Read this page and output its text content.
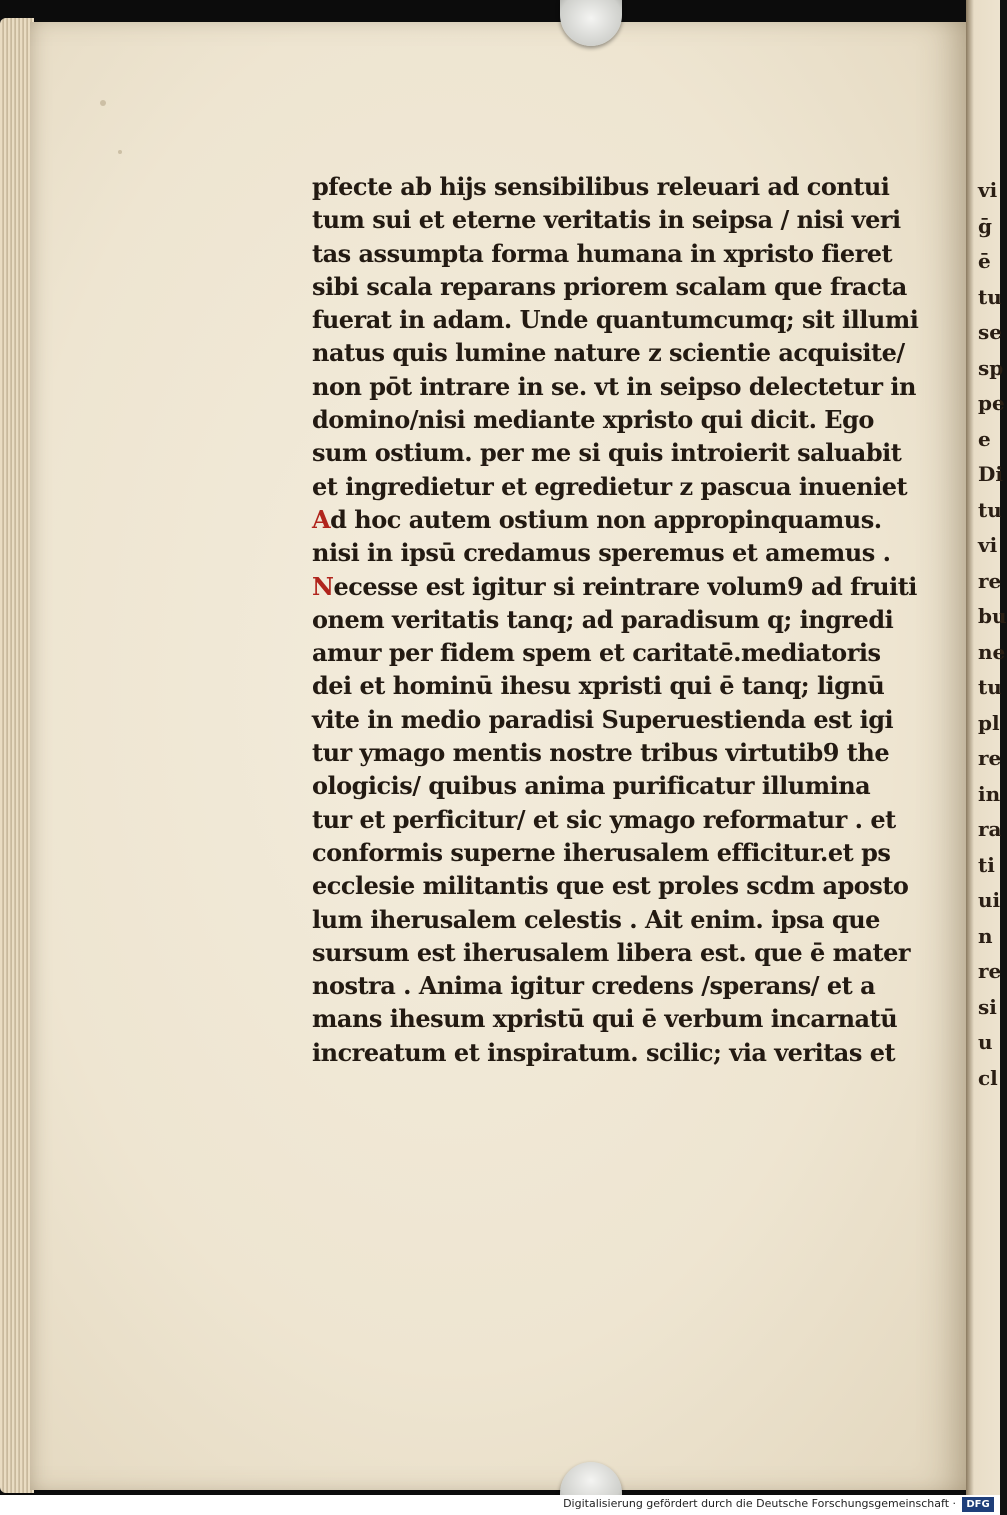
vi
ḡ
ē
tu
se
sp
pe
e
Di
tu
vi
re
bu
ne
tu
pl
re
in
ra
ti
ui
n
re
si
u
cl
pfecte ab hijs sensibilibus releuari ad contui
tum sui et eterne veritatis in seipsa / nisi veri
tas assumpta forma humana in xpristo fieret
sibi scala reparans priorem scalam que fracta
fuerat in adam. Unde quantumcumq; sit illumi
natus quis lumine nature z scientie acquisite/
non pōt intrare in se. vt in seipso delectetur in
domino/nisi mediante xpristo qui dicit. Ego
sum ostium. per me si quis introierit saluabit
et ingredietur et egredietur z pascua inueniet
Ad hoc autem ostium non appropinquamus.
nisi in ipsū credamus speremus et amemus .
Necesse est igitur si reintrare volum9 ad fruiti
onem veritatis tanq; ad paradisum q; ingredi
amur per fidem spem et caritatē.mediatoris
dei et hominū ihesu xpristi qui ē tanq; lignū
vite in medio paradisi Superuestienda est igi
tur ymago mentis nostre tribus virtutib9 the
ologicis/ quibus anima purificatur illumina
tur et perficitur/ et sic ymago reformatur . et
conformis superne iherusalem efficitur.et ps
ecclesie militantis que est proles scdm aposto
lum iherusalem celestis . Ait enim. ipsa que
sursum est iherusalem libera est. que ē mater
nostra . Anima igitur credens /sperans/ et a
mans ihesum xpristū qui ē verbum incarnatū
increatum et inspiratum. scilic; via veritas et
Digitalisierung gefördert durch die Deutsche Forschungsgemeinschaft ·	DFG
